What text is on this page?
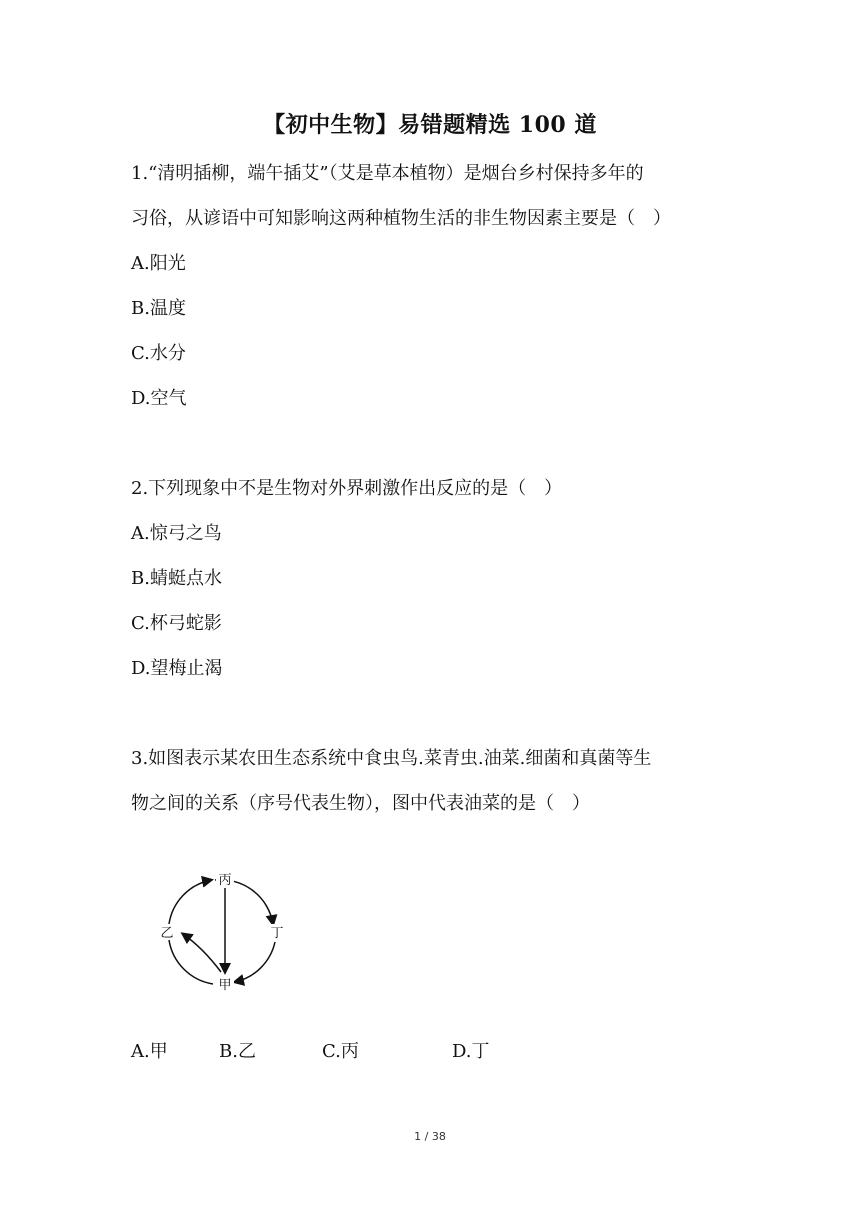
【初中生物】易错题精选 100 道
1.“清明插柳，端午插艾”（艾是草本植物）是烟台乡村保持多年的
习俗，从谚语中可知影响这两种植物生活的非生物因素主要是（　）
A.阳光
B.温度
C.水分
D.空气
2.下列现象中不是生物对外界刺激作出反应的是（　）
A.惊弓之鸟
B.蜻蜓点水
C.杯弓蛇影
D.望梅止渴
3.如图表示某农田生态系统中食虫鸟.菜青虫.油菜.细菌和真菌等生
物之间的关系（序号代表生物），图中代表油菜的是（　）
丙
乙	丁
甲
A.甲	B.乙	C.丙	D.丁
1 / 38
